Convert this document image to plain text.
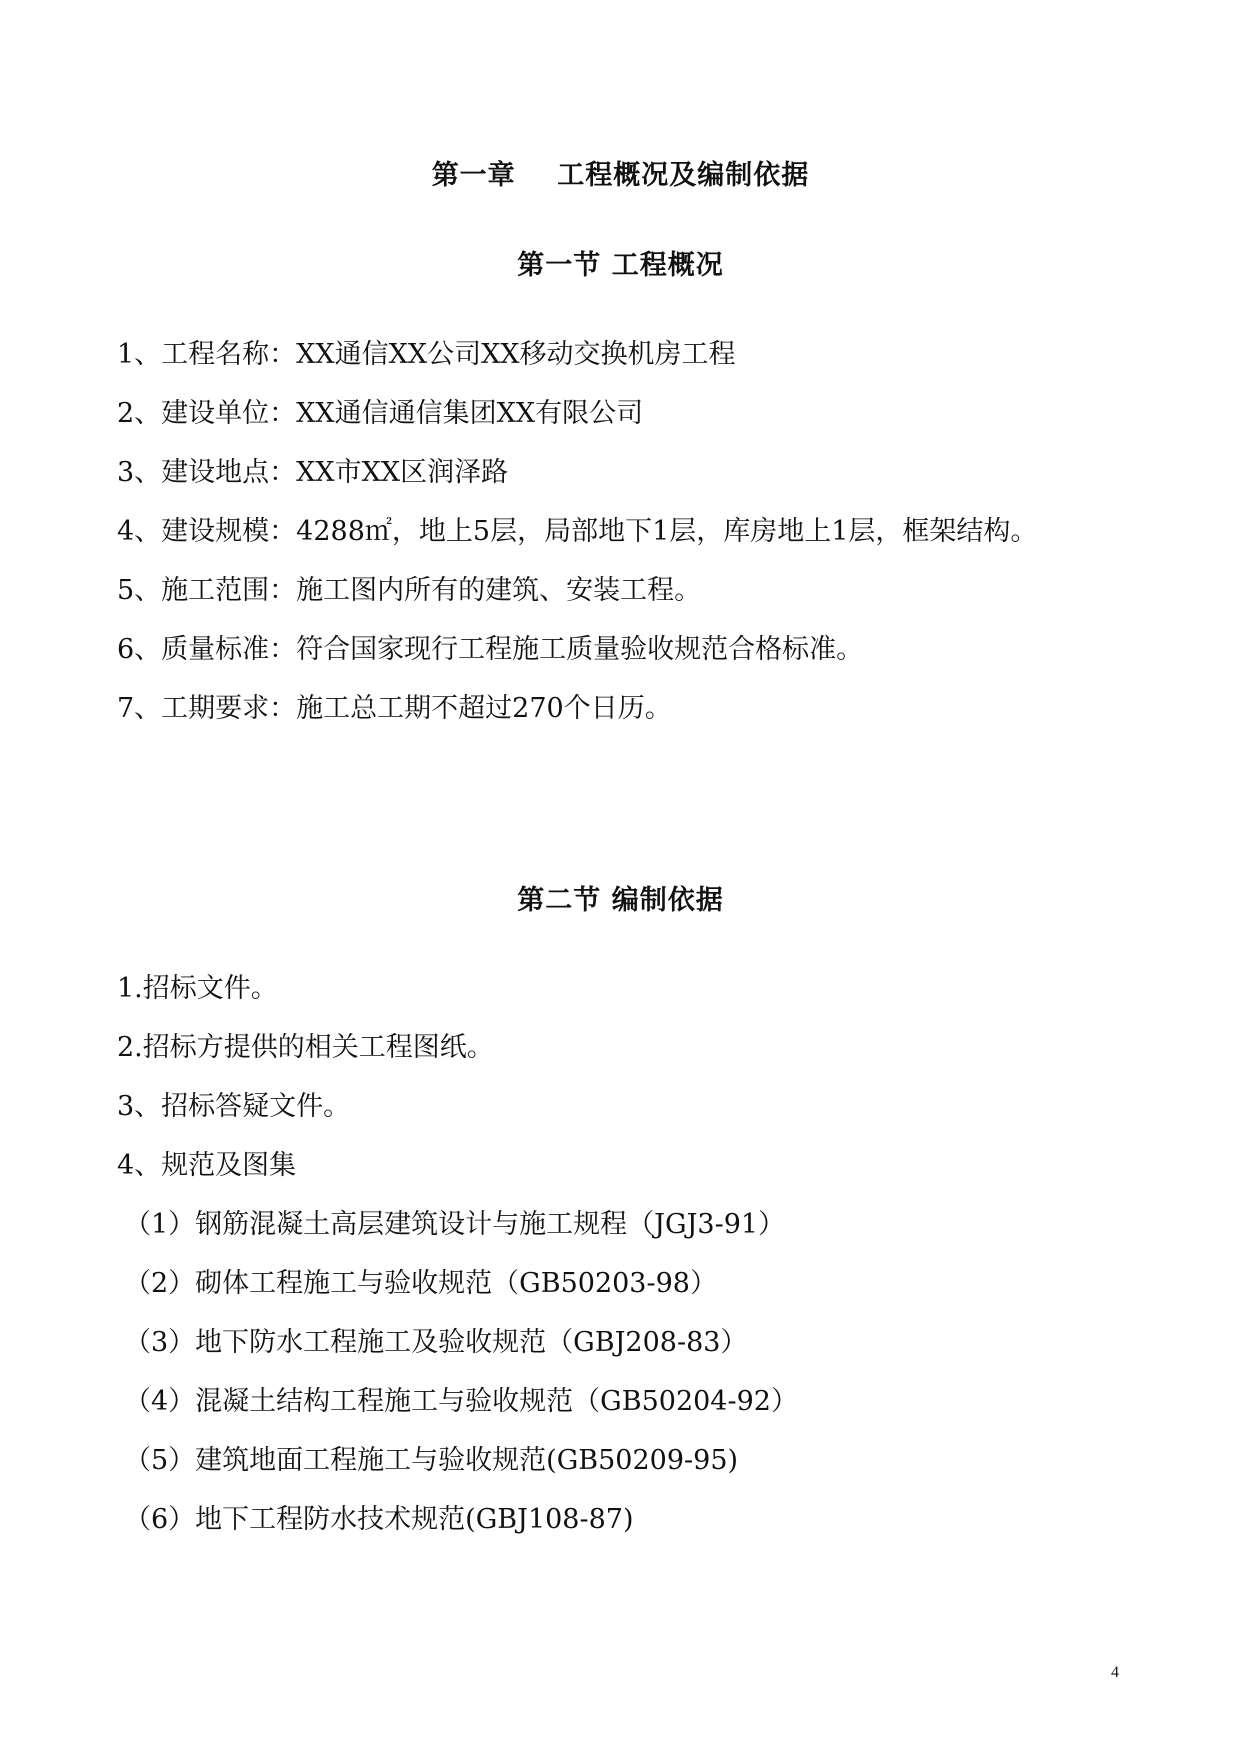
第一章    工程概况及编制依据
第一节 工程概况
1、工程名称：XX通信XX公司XX移动交换机房工程
2、建设单位：XX通信通信集团XX有限公司
3、建设地点：XX市XX区润泽路
4、建设规模：4288㎡，地上5层，局部地下1层，库房地上1层，框架结构。
5、施工范围：施工图内所有的建筑、安装工程。
6、质量标准：符合国家现行工程施工质量验收规范合格标准。
7、工期要求：施工总工期不超过270个日历。
第二节 编制依据
1.招标文件。
2.招标方提供的相关工程图纸。
3、招标答疑文件。
4、规范及图集
（1）钢筋混凝土高层建筑设计与施工规程（JGJ3-91）
（2）砌体工程施工与验收规范（GB50203-98）
（3）地下防水工程施工及验收规范（GBJ208-83）
（4）混凝土结构工程施工与验收规范（GB50204-92）
（5）建筑地面工程施工与验收规范(GB50209-95)
（6）地下工程防水技术规范(GBJ108-87)
4
